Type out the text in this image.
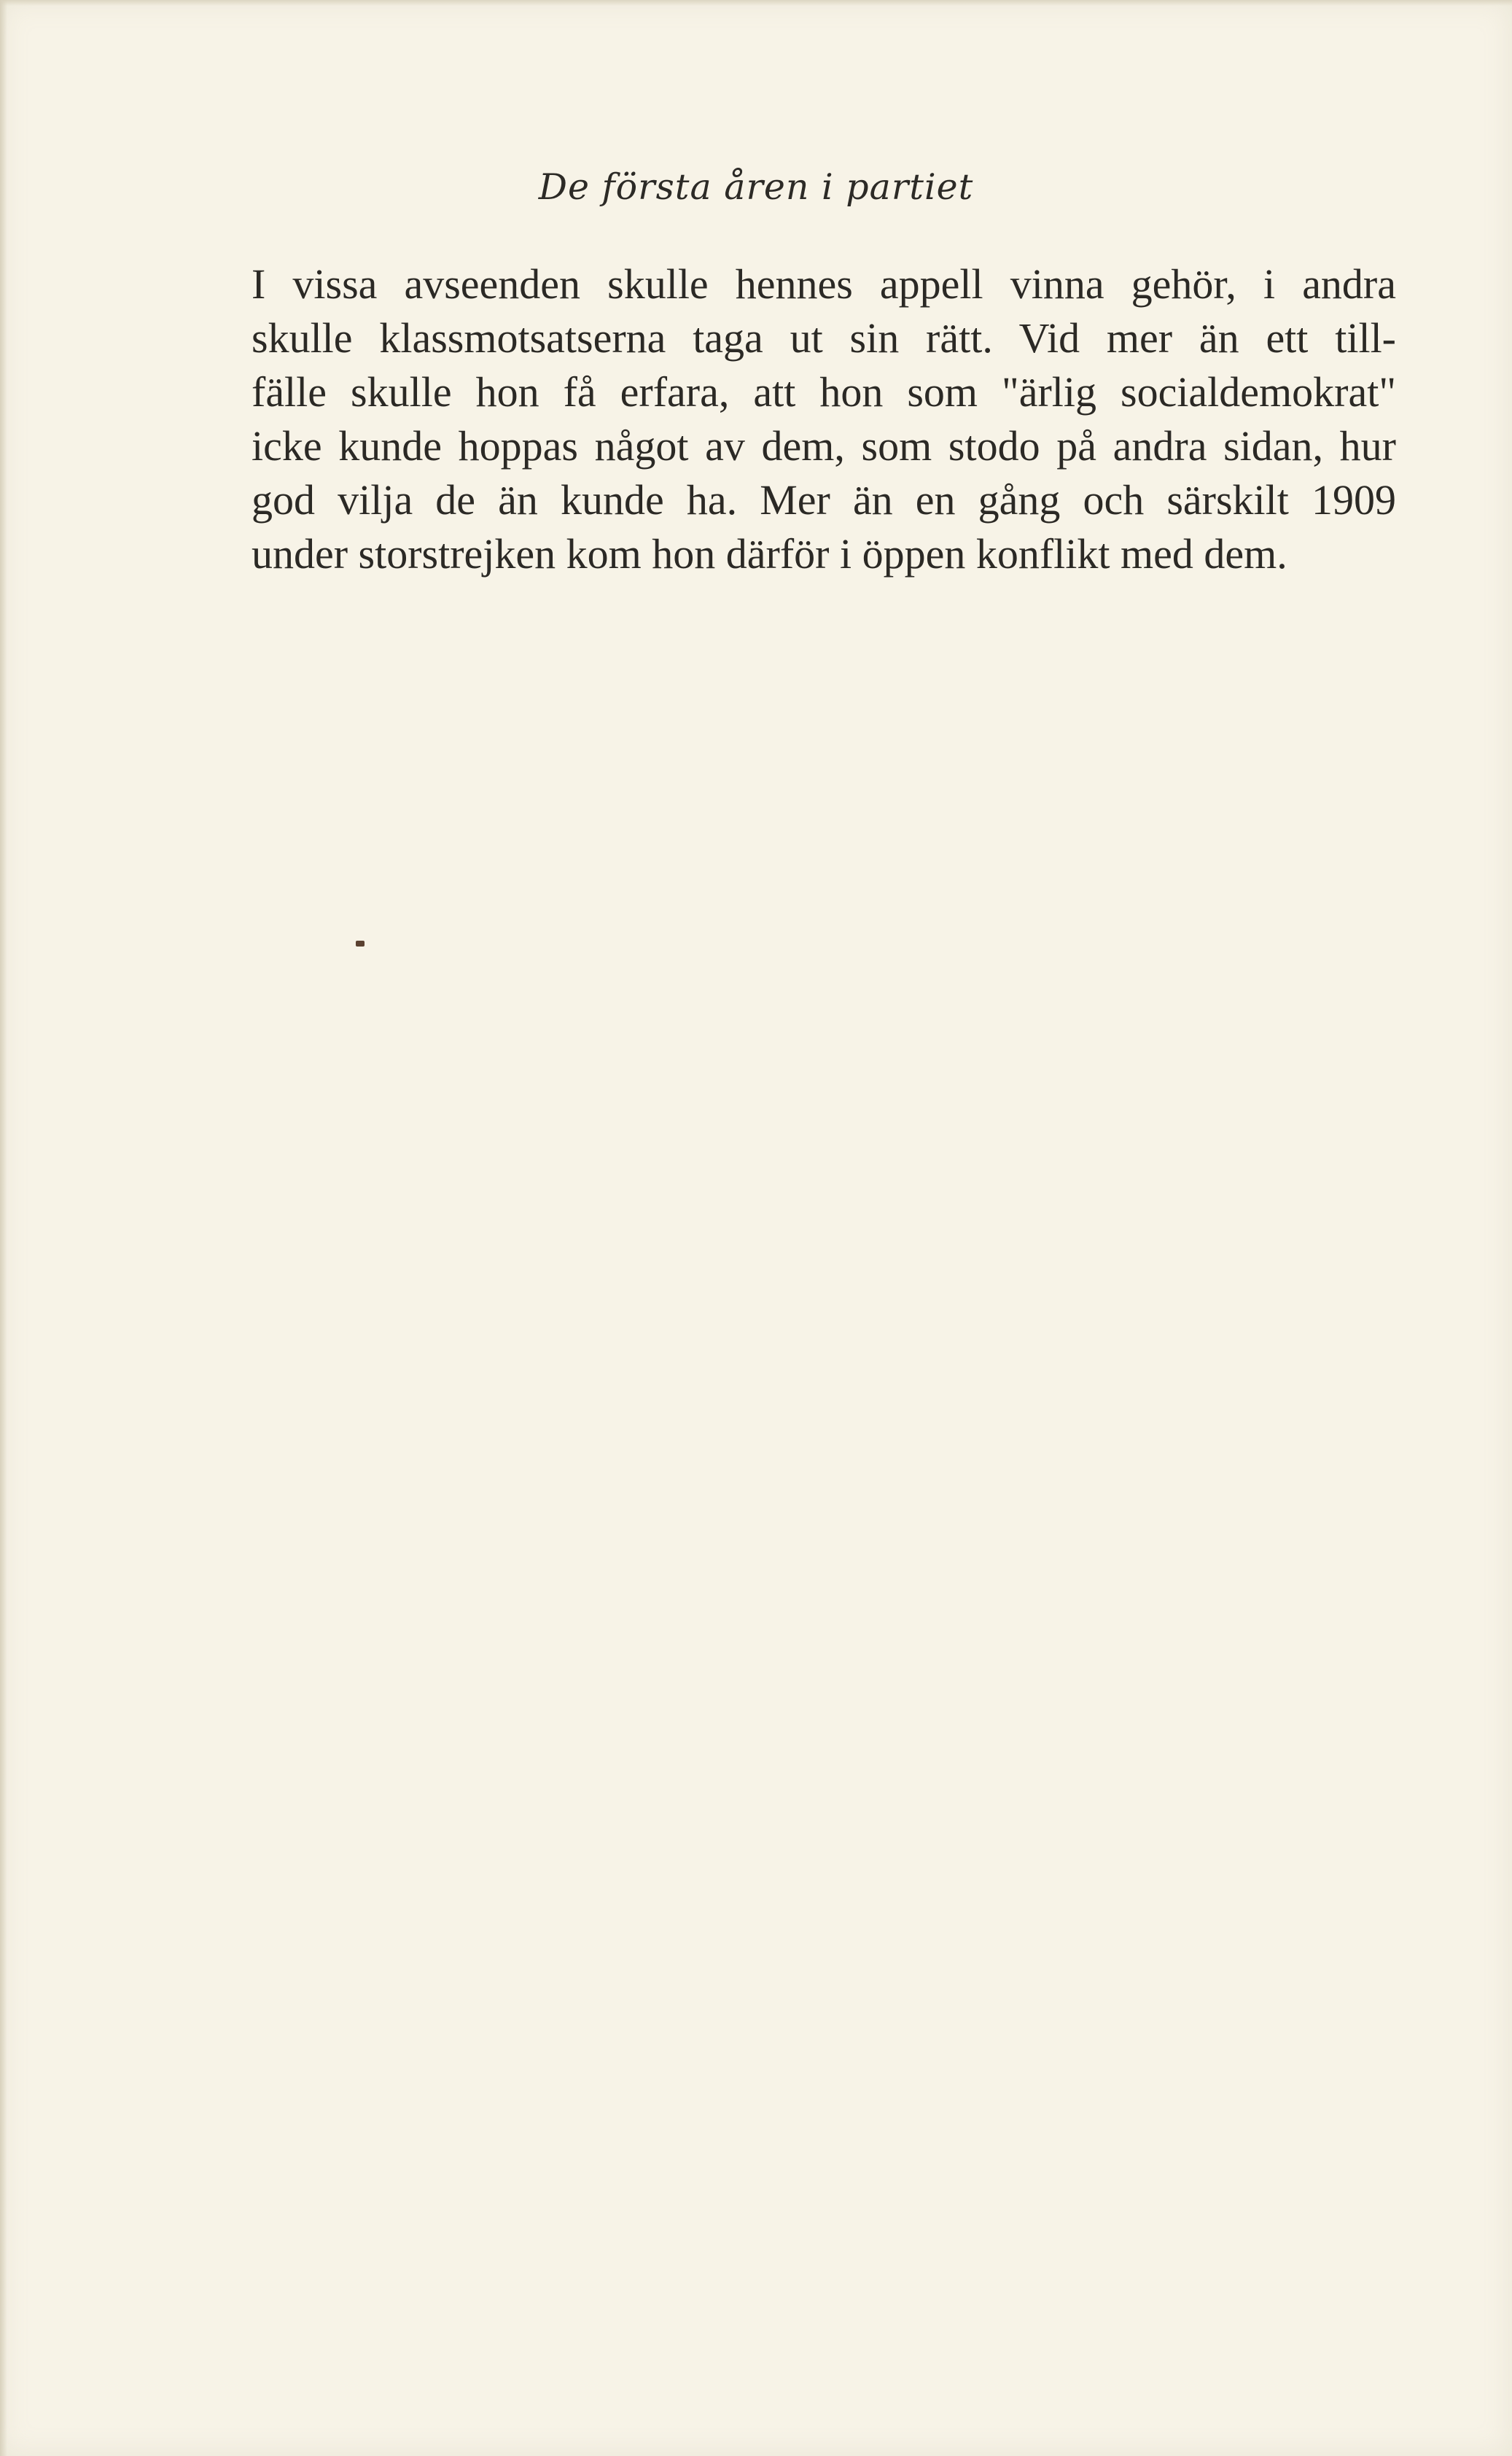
De första åren i partiet
I vissa avseenden skulle hennes appell vinna gehör, i andra
skulle klassmotsatserna taga ut sin rätt. Vid mer än ett till-
fälle skulle hon få erfara, att hon som "ärlig socialdemokrat"
icke kunde hoppas något av dem, som stodo på andra sidan, hur
god vilja de än kunde ha. Mer än en gång och särskilt 1909
under storstrejken kom hon därför i öppen konflikt med dem.
